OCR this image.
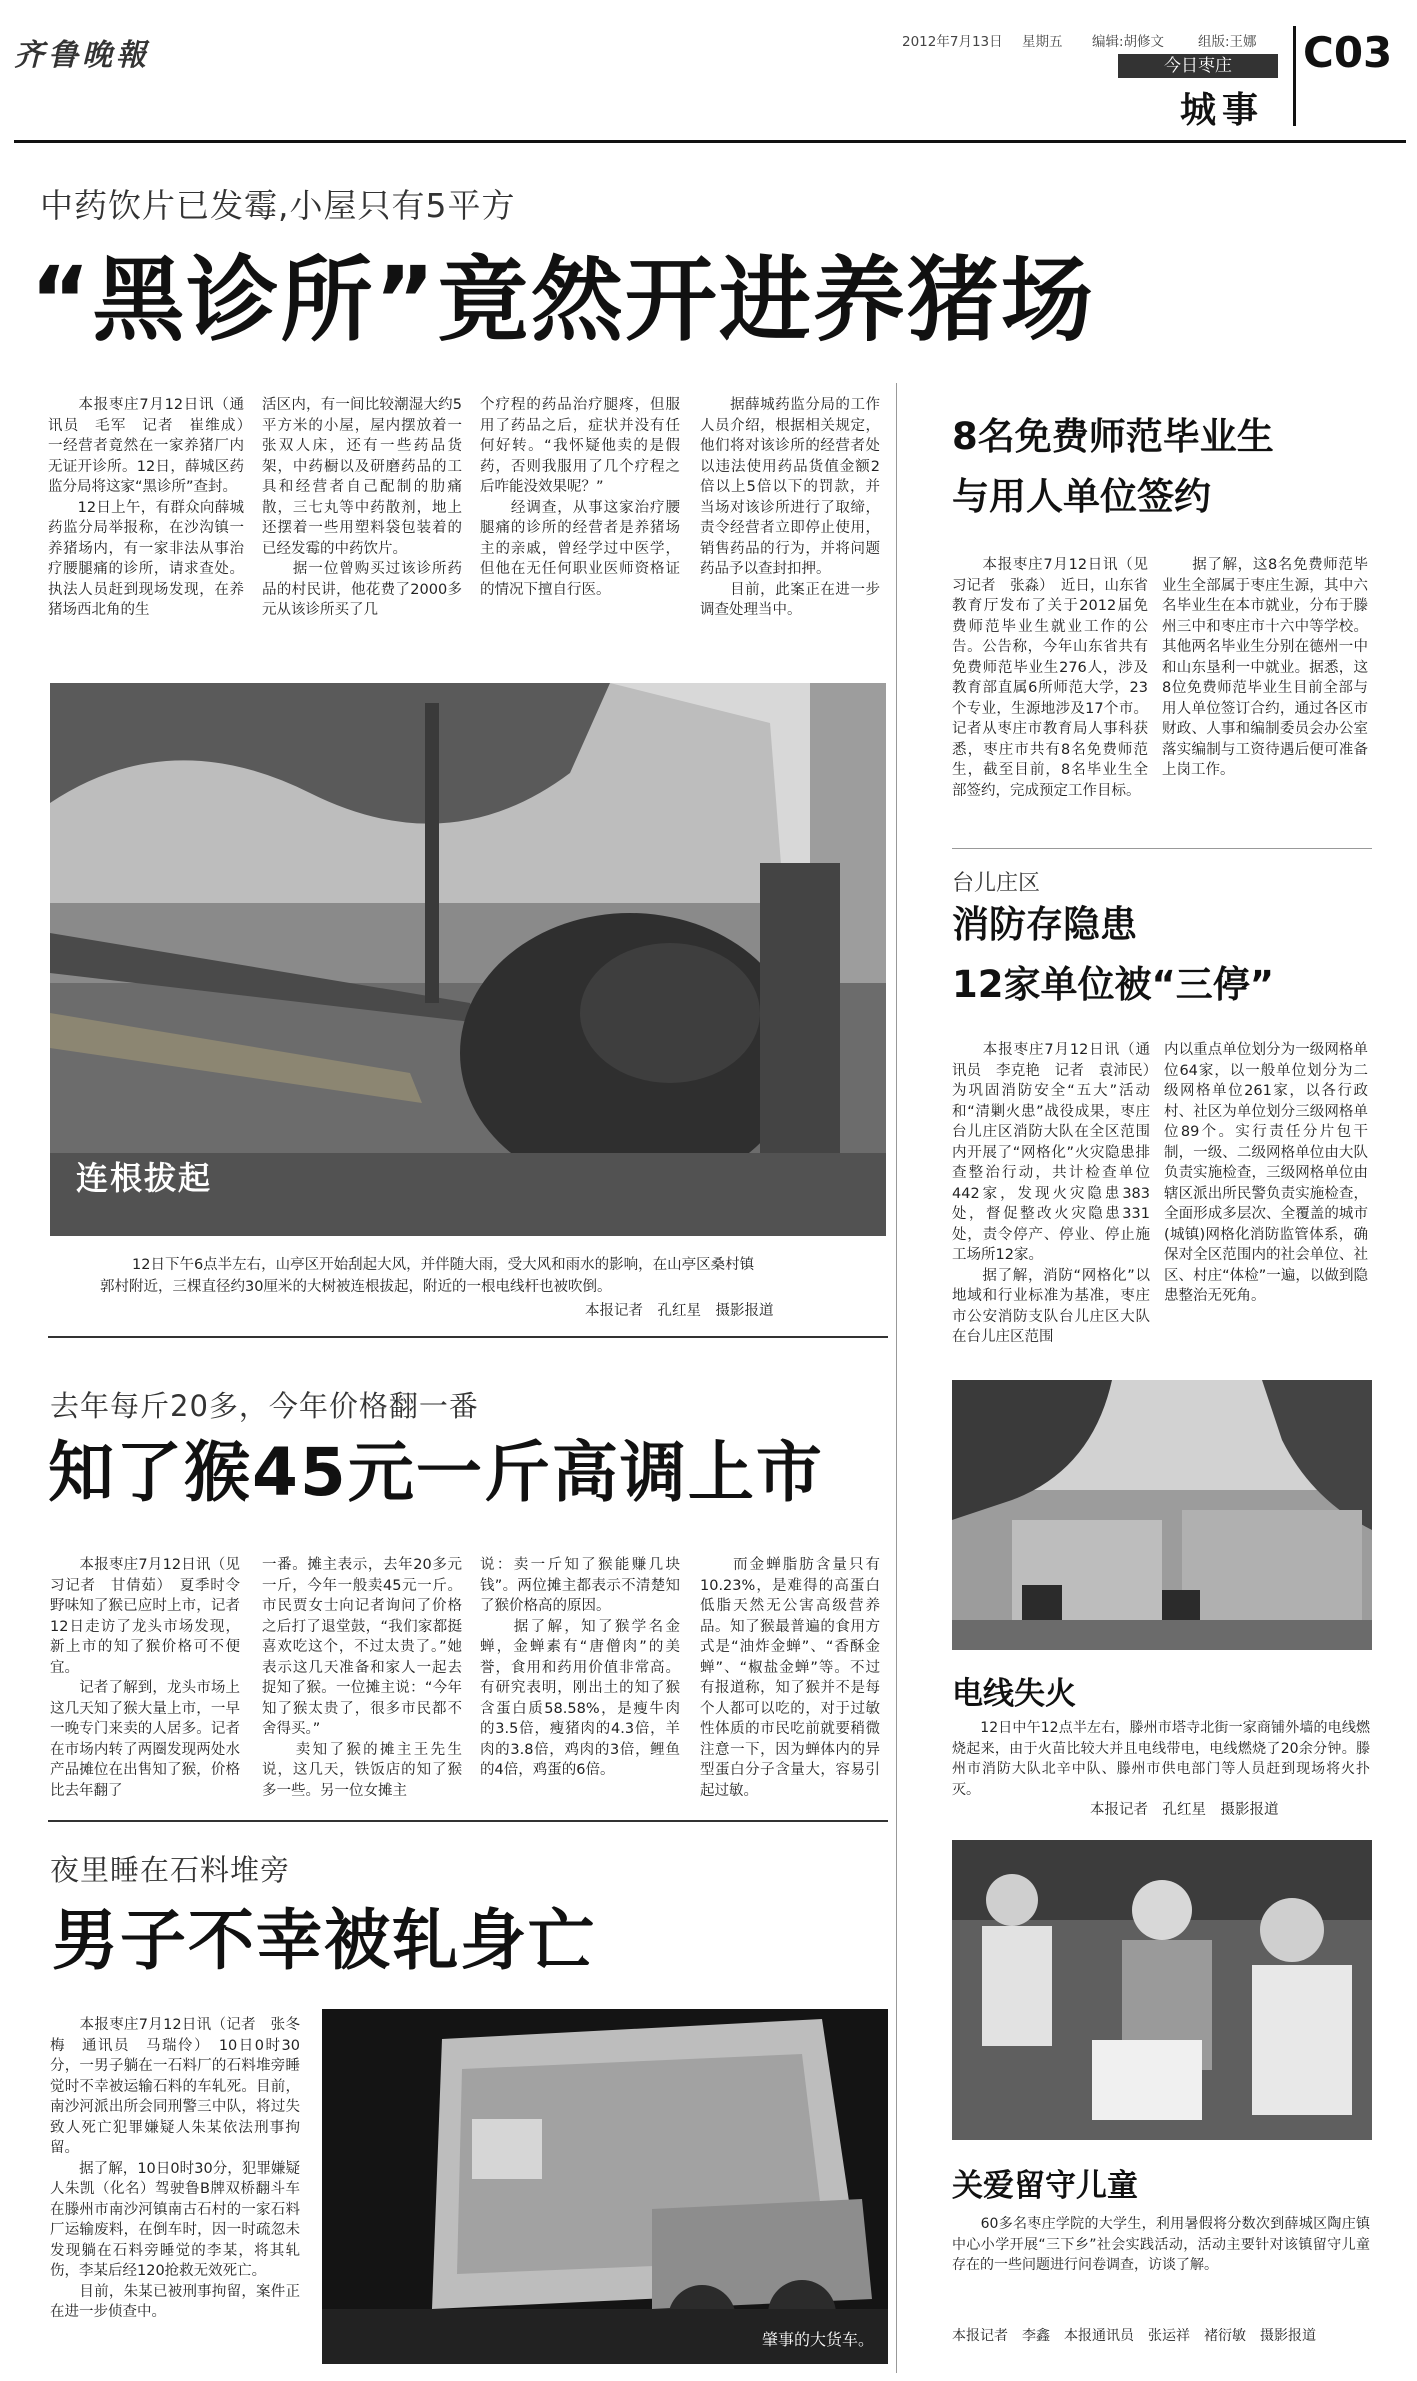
齐鲁晚報	2012年7月13日 星期五 编辑:胡修文	组版:王娜
今日枣庄
城事
C03
中药饮片已发霉,小屋只有5平方
“黑诊所”竟然开进养猪场
　　本报枣庄7月12日讯（通讯员　毛军　记者　崔维成）　一经营者竟然在一家养猪厂内无证开诊所。12日，薛城区药监分局将这家“黑诊所”查封。
　　12日上午，有群众向薛城药监分局举报称，在沙沟镇一养猪场内，有一家非法从事治疗腰腿痛的诊所，请求查处。执法人员赶到现场发现，在养猪场西北角的生
活区内，有一间比较潮湿大约5平方米的小屋，屋内摆放着一张双人床，还有一些药品货架，中药橱以及研磨药品的工具和经营者自己配制的肋痛散，三七丸等中药散剂，地上还摆着一些用塑料袋包装着的已经发霉的中药饮片。
　　据一位曾购买过该诊所药品的村民讲，他花费了2000多元从该诊所买了几
个疗程的药品治疗腿疼，但服用了药品之后，症状并没有任何好转。“我怀疑他卖的是假药，否则我服用了几个疗程之后咋能没效果呢？”
　　经调查，从事这家治疗腰腿痛的诊所的经营者是养猪场主的亲戚，曾经学过中医学，但他在无任何职业医师资格证的情况下擅自行医。
　　据薛城药监分局的工作人员介绍，根据相关规定，他们将对该诊所的经营者处以违法使用药品货值金额2倍以上5倍以下的罚款，并当场对该诊所进行了取缔，责令经营者立即停止使用，销售药品的行为，并将问题药品予以查封扣押。
　　目前，此案正在进一步调查处理当中。
连根拔起
12日下午6点半左右，山亭区开始刮起大风，并伴随大雨，受大风和雨水的影响，在山亭区桑村镇
郭村附近，三棵直径约30厘米的大树被连根拔起，附近的一根电线杆也被吹倒。
本报记者　孔红星　摄影报道
去年每斤20多，今年价格翻一番
知了猴45元一斤高调上市
　　本报枣庄7月12日讯（见习记者　甘倩茹）　夏季时令野味知了猴已应时上市，记者12日走访了龙头市场发现，新上市的知了猴价格可不便宜。
　　记者了解到，龙头市场上这几天知了猴大量上市，一早一晚专门来卖的人居多。记者在市场内转了两圈发现两处水产品摊位在出售知了猴，价格比去年翻了
一番。摊主表示，去年20多元一斤，今年一般卖45元一斤。市民贾女士向记者询问了价格之后打了退堂鼓，“我们家都挺喜欢吃这个，不过太贵了。”她表示这几天准备和家人一起去捉知了猴。一位摊主说：“今年知了猴太贵了，很多市民都不舍得买。”
　　卖知了猴的摊主王先生说，这几天，铁饭店的知了猴多一些。另一位女摊主
说：卖一斤知了猴能赚几块钱”。两位摊主都表示不清楚知了猴价格高的原因。
　　据了解，知了猴学名金蝉，金蝉素有“唐僧肉”的美誉，食用和药用价值非常高。有研究表明，刚出土的知了猴含蛋白质58.58%，是瘦牛肉的3.5倍，瘦猪肉的4.3倍，羊肉的3.8倍，鸡肉的3倍，鲤鱼的4倍，鸡蛋的6倍。
　　而金蝉脂肪含量只有10.23%，是难得的高蛋白低脂天然无公害高级营养品。知了猴最普遍的食用方式是“油炸金蝉”、“香酥金蝉”、“椒盐金蝉”等。不过有报道称，知了猴并不是每个人都可以吃的，对于过敏性体质的市民吃前就要稍微注意一下，因为蝉体内的异型蛋白分子含量大，容易引起过敏。
夜里睡在石料堆旁
男子不幸被轧身亡
　　本报枣庄7月12日讯（记者　张冬梅　通讯员　马瑞伶）　10日0时30分，一男子躺在一石料厂的石料堆旁睡觉时不幸被运输石料的车轧死。目前，南沙河派出所会同刑警三中队，将过失致人死亡犯罪嫌疑人朱某依法刑事拘留。
　　据了解，10日0时30分，犯罪嫌疑人朱凯（化名）驾驶鲁B牌双桥翻斗车在滕州市南沙河镇南古石村的一家石料厂运输废料，在倒车时，因一时疏忽未发现躺在石料旁睡觉的李某，将其轧伤，李某后经120抢救无效死亡。
　　目前，朱某已被刑事拘留，案件正在进一步侦查中。
肇事的大货车。
8名免费师范毕业生
与用人单位签约
　　本报枣庄7月12日讯（见习记者　张淼）　近日，山东省教育厅发布了关于2012届免费师范毕业生就业工作的公告。公告称，今年山东省共有免费师范毕业生276人，涉及教育部直属6所师范大学，23个专业，生源地涉及17个市。记者从枣庄市教育局人事科获悉，枣庄市共有8名免费师范生，截至目前，8名毕业生全部签约，完成预定工作目标。
　　据了解，这8名免费师范毕业生全部属于枣庄生源，其中六名毕业生在本市就业，分布于滕州三中和枣庄市十六中等学校。其他两名毕业生分别在德州一中和山东垦利一中就业。据悉，这8位免费师范毕业生目前全部与用人单位签订合约，通过各区市财政、人事和编制委员会办公室落实编制与工资待遇后便可准备上岗工作。
台儿庄区
消防存隐患
12家单位被“三停”
　　本报枣庄7月12日讯（通讯员　李克艳　记者　袁沛民）　为巩固消防安全“五大”活动和“清剿火患”战役成果，枣庄台儿庄区消防大队在全区范围内开展了“网格化”火灾隐患排查整治行动，共计检查单位442家，发现火灾隐患383处，督促整改火灾隐患331处，责令停产、停业、停止施工场所12家。
　　据了解，消防“网格化”以地域和行业标准为基准，枣庄市公安消防支队台儿庄区大队在台儿庄区范围
内以重点单位划分为一级网格单位64家，以一般单位划分为二级网格单位261家，以各行政村、社区为单位划分三级网格单位89个。实行责任分片包干制，一级、二级网格单位由大队负责实施检查，三级网格单位由辖区派出所民警负责实施检查，全面形成多层次、全覆盖的城市(城镇)网格化消防监管体系，确保对全区范围内的社会单位、社区、村庄“体检”一遍，以做到隐患整治无死角。
电线失火
　　12日中午12点半左右，滕州市塔寺北街一家商铺外墙的电线燃烧起来，由于火苗比较大并且电线带电，电线燃烧了20余分钟。滕州市消防大队北辛中队、滕州市供电部门等人员赶到现场将火扑灭。
本报记者　孔红星　摄影报道
关爱留守儿童
　　60多名枣庄学院的大学生，利用暑假将分数次到薛城区陶庄镇中心小学开展“三下乡”社会实践活动，活动主要针对该镇留守儿童存在的一些问题进行问卷调查，访谈了解。
本报记者　李鑫　本报通讯员　张运祥　褚衍敏　摄影报道
